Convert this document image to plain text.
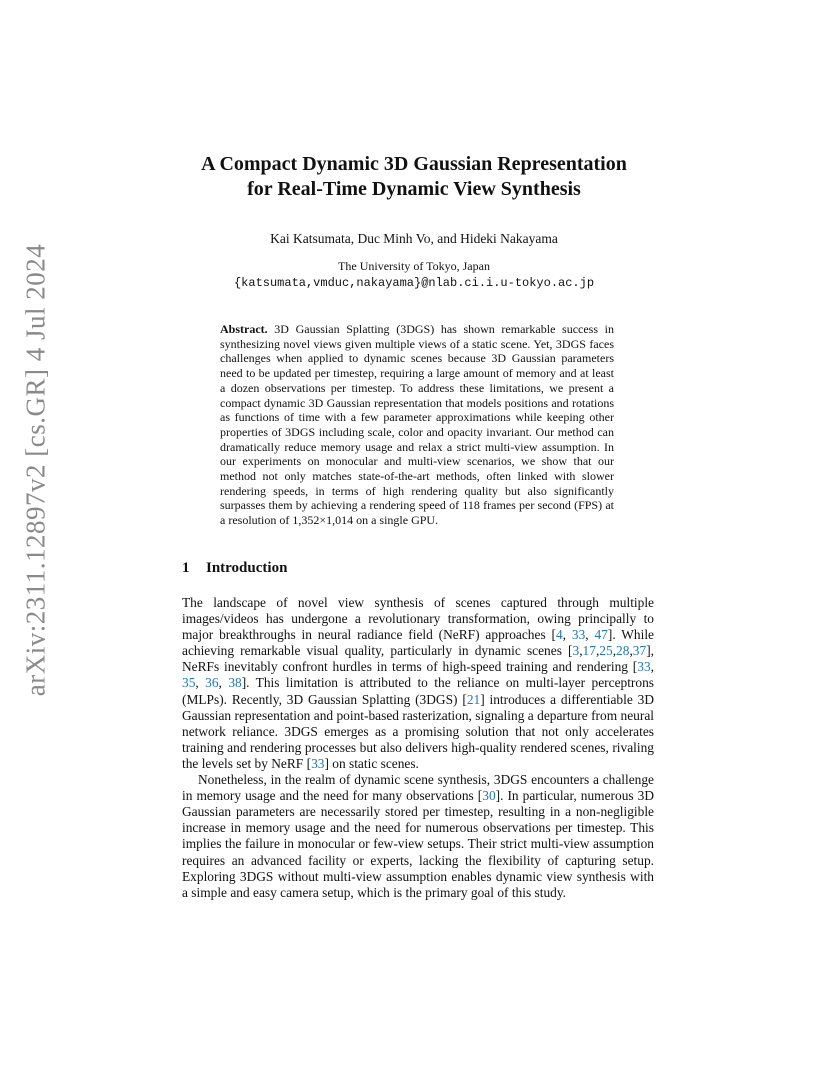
arXiv:2311.12897v2 [cs.GR] 4 Jul 2024
A Compact Dynamic 3D Gaussian Representation
for Real-Time Dynamic View Synthesis
Kai Katsumata, Duc Minh Vo, and Hideki Nakayama
The University of Tokyo, Japan
{katsumata,vmduc,nakayama}@nlab.ci.i.u-tokyo.ac.jp
Abstract. 3D Gaussian Splatting (3DGS) has shown remarkable success in synthesizing novel views given multiple views of a static scene. Yet, 3DGS faces challenges when applied to dynamic scenes because 3D Gaussian parameters need to be updated per timestep, requiring a large amount of memory and at least a dozen observations per timestep. To address these limitations, we present a compact dynamic 3D Gaussian representation that models positions and rotations as functions of time with a few parameter approximations while keeping other properties of 3DGS including scale, color and opacity invariant. Our method can dramatically reduce memory usage and relax a strict multi-view assumption. In our experiments on monocular and multi-view scenarios, we show that our method not only matches state-of-the-art methods, often linked with slower rendering speeds, in terms of high rendering quality but also significantly surpasses them by achieving a rendering speed of 118 frames per second (FPS) at a resolution of 1,352×1,014 on a single GPU.
1 Introduction

The landscape of novel view synthesis of scenes captured through multiple images/videos has undergone a revolutionary transformation, owing principally to major breakthroughs in neural radiance field (NeRF) approaches [4, 33, 47]. While achieving remarkable visual quality, particularly in dynamic scenes [3,17,25,28,37], NeRFs inevitably confront hurdles in terms of high-speed training and rendering [33, 35, 36, 38]. This limitation is attributed to the reliance on multi-layer perceptrons (MLPs). Recently, 3D Gaussian Splatting (3DGS) [21] introduces a differentiable 3D Gaussian representation and point-based rasterization, signaling a departure from neural network reliance. 3DGS emerges as a promising solution that not only accelerates training and rendering processes but also delivers high-quality rendered scenes, rivaling the levels set by NeRF [33] on static scenes.

Nonetheless, in the realm of dynamic scene synthesis, 3DGS encounters a challenge in memory usage and the need for many observations [30]. In particular, numerous 3D Gaussian parameters are necessarily stored per timestep, resulting in a non-negligible increase in memory usage and the need for numerous observations per timestep. This implies the failure in monocular or few-view setups. Their strict multi-view assumption requires an advanced facility or experts, lacking the flexibility of capturing setup. Exploring 3DGS without multi-view assumption enables dynamic view synthesis with a simple and easy camera setup, which is the primary goal of this study.
